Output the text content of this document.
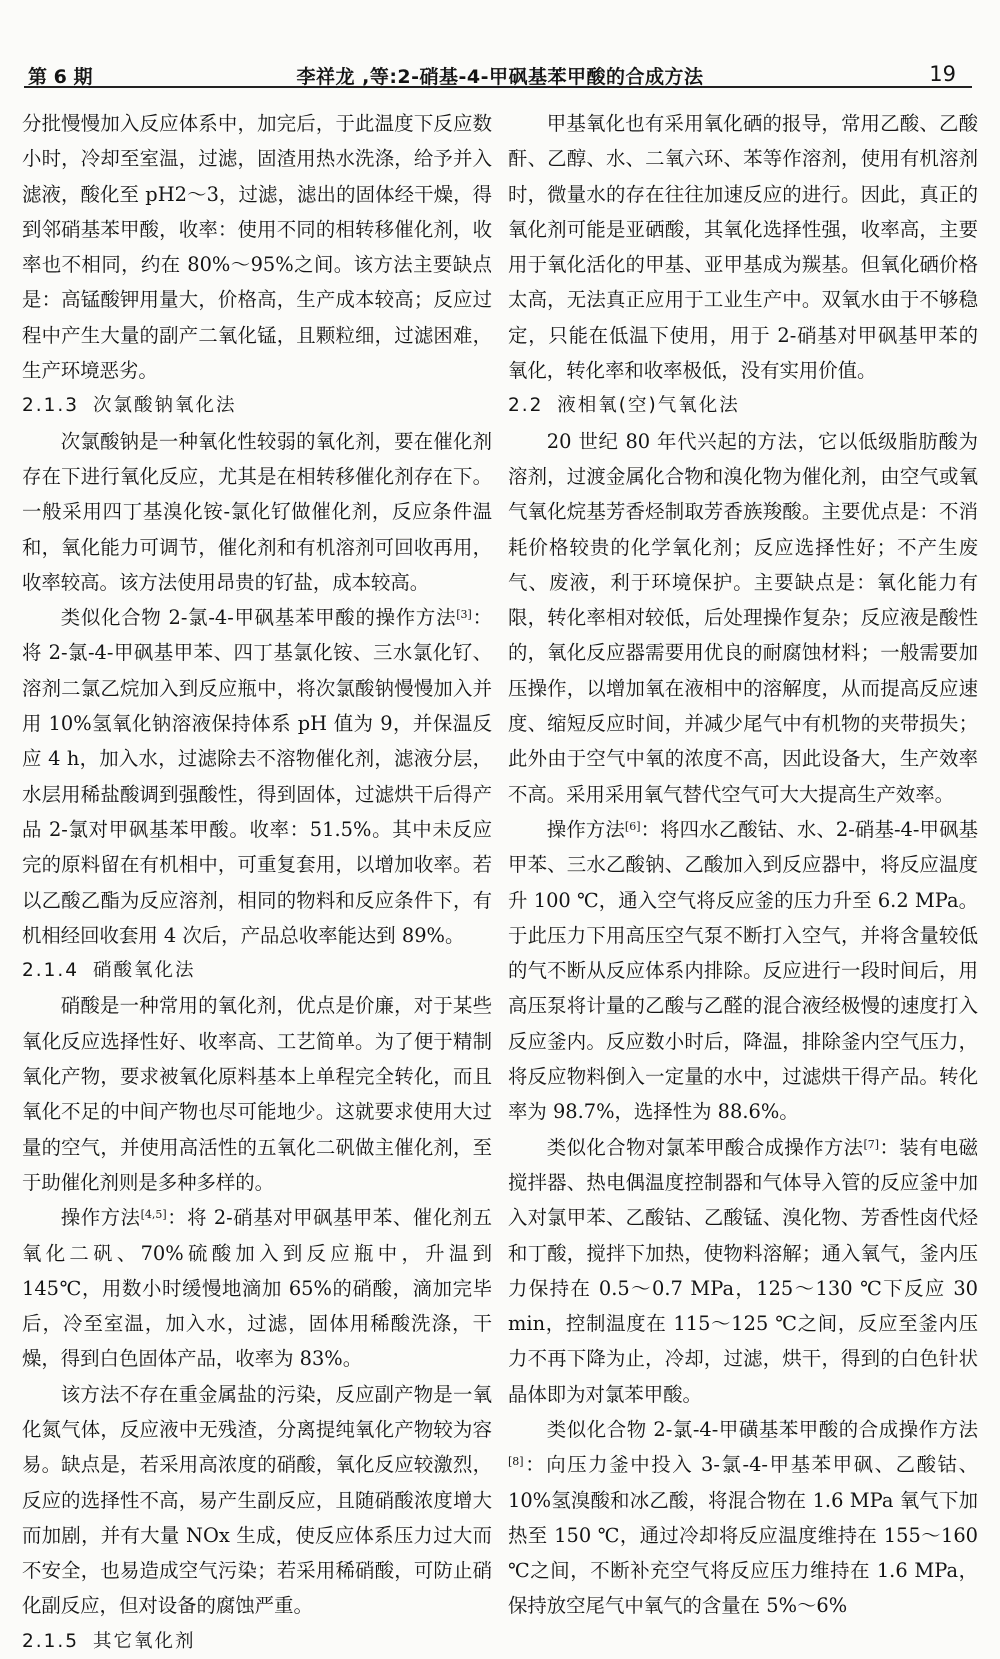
第 6 期	李祥龙 ,等:2-硝基-4-甲砜基苯甲酸的合成方法	19

分批慢慢加入反应体系中，加完后，于此温度下反应数小时，冷却至室温，过滤，固渣用热水洗涤，给予并入滤液，酸化至 pH2～3，过滤，滤出的固体经干燥，得到邻硝基苯甲酸，收率：使用不同的相转移催化剂，收率也不相同，约在 80%～95%之间。该方法主要缺点是：高锰酸钾用量大，价格高，生产成本较高；反应过程中产生大量的副产二氧化锰，且颗粒细，过滤困难，生产环境恶劣。

2.1.3 次氯酸钠氧化法

次氯酸钠是一种氧化性较弱的氧化剂，要在催化剂存在下进行氧化反应，尤其是在相转移催化剂存在下。一般采用四丁基溴化铵-氯化钌做催化剂，反应条件温和，氧化能力可调节，催化剂和有机溶剂可回收再用，收率较高。该方法使用昂贵的钌盐，成本较高。

类似化合物 2-氯-4-甲砜基苯甲酸的操作方法[3]：将 2-氯-4-甲砜基甲苯、四丁基氯化铵、三水氯化钌、溶剂二氯乙烷加入到反应瓶中，将次氯酸钠慢慢加入并用 10%氢氧化钠溶液保持体系 pH 值为 9，并保温反应 4 h，加入水，过滤除去不溶物催化剂，滤液分层，水层用稀盐酸调到强酸性，得到固体，过滤烘干后得产品 2-氯对甲砜基苯甲酸。收率：51.5%。其中未反应完的原料留在有机相中，可重复套用，以增加收率。若以乙酸乙酯为反应溶剂，相同的物料和反应条件下，有机相经回收套用 4 次后，产品总收率能达到 89%。

2.1.4 硝酸氧化法

硝酸是一种常用的氧化剂，优点是价廉，对于某些氧化反应选择性好、收率高、工艺简单。为了便于精制氧化产物，要求被氧化原料基本上单程完全转化，而且氧化不足的中间产物也尽可能地少。这就要求使用大过量的空气，并使用高活性的五氧化二矾做主催化剂，至于助催化剂则是多种多样的。

操作方法[4,5]：将 2-硝基对甲砜基甲苯、催化剂五氧化二矾、70%硫酸加入到反应瓶中，升温到 145℃，用数小时缓慢地滴加 65%的硝酸，滴加完毕后，冷至室温，加入水，过滤，固体用稀酸洗涤，干燥，得到白色固体产品，收率为 83%。

该方法不存在重金属盐的污染，反应副产物是一氧化氮气体，反应液中无残渣，分离提纯氧化产物较为容易。缺点是，若采用高浓度的硝酸，氧化反应较激烈，反应的选择性不高，易产生副反应，且随硝酸浓度增大而加剧，并有大量 NOx 生成，使反应体系压力过大而不安全，也易造成空气污染；若采用稀硝酸，可防止硝化副反应，但对设备的腐蚀严重。

2.1.5 其它氧化剂

甲基氧化也有采用氧化硒的报导，常用乙酸、乙酸酐、乙醇、水、二氧六环、苯等作溶剂，使用有机溶剂时，微量水的存在往往加速反应的进行。因此，真正的氧化剂可能是亚硒酸，其氧化选择性强，收率高，主要用于氧化活化的甲基、亚甲基成为羰基。但氧化硒价格太高，无法真正应用于工业生产中。双氧水由于不够稳定，只能在低温下使用，用于 2-硝基对甲砜基甲苯的氧化，转化率和收率极低，没有实用价值。

2.2 液相氧(空)气氧化法

20 世纪 80 年代兴起的方法，它以低级脂肪酸为溶剂，过渡金属化合物和溴化物为催化剂，由空气或氧气氧化烷基芳香烃制取芳香族羧酸。主要优点是：不消耗价格较贵的化学氧化剂；反应选择性好；不产生废气、废液，利于环境保护。主要缺点是：氧化能力有限，转化率相对较低，后处理操作复杂；反应液是酸性的，氧化反应器需要用优良的耐腐蚀材料；一般需要加压操作，以增加氧在液相中的溶解度，从而提高反应速度、缩短反应时间，并减少尾气中有机物的夹带损失；此外由于空气中氧的浓度不高，因此设备大，生产效率不高。采用采用氧气替代空气可大大提高生产效率。

操作方法[6]：将四水乙酸钴、水、2-硝基-4-甲砜基甲苯、三水乙酸钠、乙酸加入到反应器中，将反应温度升 100 ℃，通入空气将反应釜的压力升至 6.2 MPa。于此压力下用高压空气泵不断打入空气，并将含量较低的气不断从反应体系内排除。反应进行一段时间后，用高压泵将计量的乙酸与乙醛的混合液经极慢的速度打入反应釜内。反应数小时后，降温，排除釜内空气压力，将反应物料倒入一定量的水中，过滤烘干得产品。转化率为 98.7%，选择性为 88.6%。

类似化合物对氯苯甲酸合成操作方法[7]：装有电磁搅拌器、热电偶温度控制器和气体导入管的反应釜中加入对氯甲苯、乙酸钴、乙酸锰、溴化物、芳香性卤代烃和丁酸，搅拌下加热，使物料溶解；通入氧气，釜内压力保持在 0.5～0.7 MPa，125～130 ℃下反应 30 min，控制温度在 115～125 ℃之间，反应至釜内压力不再下降为止，冷却，过滤，烘干，得到的白色针状晶体即为对氯苯甲酸。

类似化合物 2-氯-4-甲磺基苯甲酸的合成操作方法[8]：向压力釜中投入 3-氯-4-甲基苯甲砜、乙酸钴、10%氢溴酸和冰乙酸，将混合物在 1.6 MPa 氧气下加热至 150 ℃，通过冷却将反应温度维持在 155～160 ℃之间，不断补充空气将反应压力维持在 1.6 MPa，保持放空尾气中氧气的含量在 5%～6%
